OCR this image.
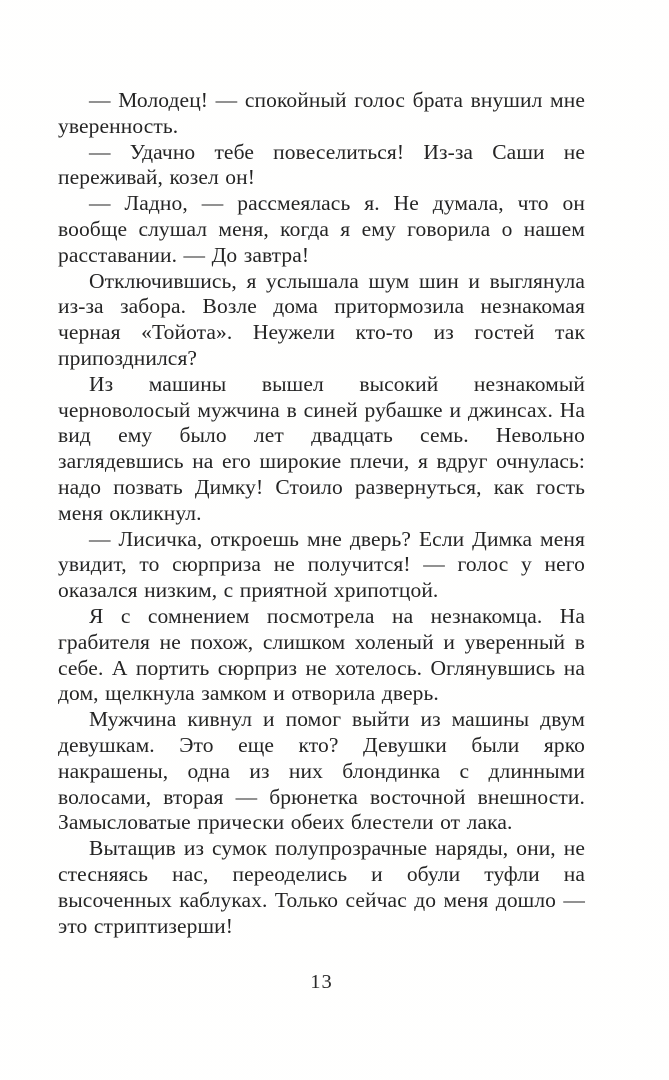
— Молодец! — спокойный голос брата внушил мне уверенность.

— Удачно тебе повеселиться! Из-за Саши не переживай, козел он!

— Ладно, — рассмеялась я. Не думала, что он вообще слушал меня, когда я ему говорила о нашем расставании. — До завтра!

Отключившись, я услышала шум шин и выглянула из-за забора. Возле дома притормозила незнакомая черная «Тойота». Неужели кто-то из гостей так припозднился?

Из машины вышел высокий незнакомый черноволосый мужчина в синей рубашке и джинсах. На вид ему было лет двадцать семь. Невольно заглядевшись на его широкие плечи, я вдруг очнулась: надо позвать Димку! Стоило развернуться, как гость меня окликнул.

— Лисичка, откроешь мне дверь? Если Димка меня увидит, то сюрприза не получится! — голос у него оказался низким, с приятной хрипотцой.

Я с сомнением посмотрела на незнакомца. На грабителя не похож, слишком холеный и уверенный в себе. А портить сюрприз не хотелось. Оглянувшись на дом, щелкнула замком и отворила дверь.

Мужчина кивнул и помог выйти из машины двум девушкам. Это еще кто? Девушки были ярко накрашены, одна из них блондинка с длинными волосами, вторая — брюнетка восточной внешности. Замысловатые прически обеих блестели от лака.

Вытащив из сумок полупрозрачные наряды, они, не стесняясь нас, переоделись и обули туфли на высоченных каблуках. Только сейчас до меня дошло — это стриптизерши!

13
